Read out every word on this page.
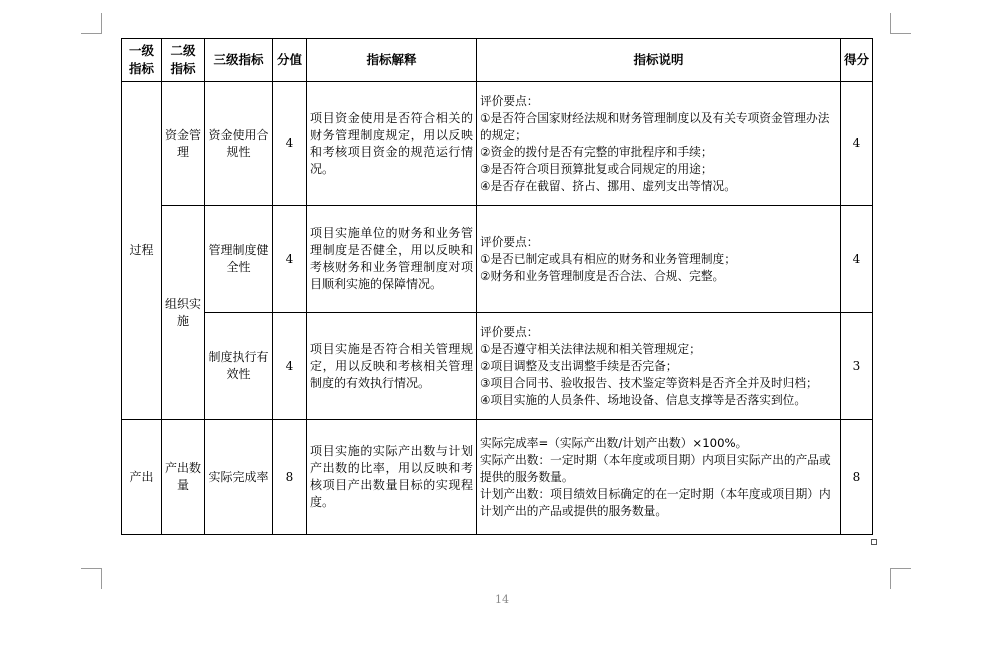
一级指标	二级指标	三级指标	分值	指标解释	指标说明	得分
过程	资金管理	资金使用合规性	4	项目资金使用是否符合相关的财务管理制度规定，用以反映和考核项目资金的规范运行情况。	评价要点：
①是否符合国家财经法规和财务管理制度以及有关专项资金管理办法的规定；
②资金的拨付是否有完整的审批程序和手续；
③是否符合项目预算批复或合同规定的用途；
④是否存在截留、挤占、挪用、虚列支出等情况。	4
	组织实施	管理制度健全性	4	项目实施单位的财务和业务管理制度是否健全，用以反映和考核财务和业务管理制度对项目顺利实施的保障情况。	评价要点：
①是否已制定或具有相应的财务和业务管理制度；
②财务和业务管理制度是否合法、合规、完整。	4
		制度执行有效性	4	项目实施是否符合相关管理规定，用以反映和考核相关管理制度的有效执行情况。	评价要点：
①是否遵守相关法律法规和相关管理规定；
②项目调整及支出调整手续是否完备；
③项目合同书、验收报告、技术鉴定等资料是否齐全并及时归档；
④项目实施的人员条件、场地设备、信息支撑等是否落实到位。	3
产出	产出数量	实际完成率	8	项目实施的实际产出数与计划产出数的比率，用以反映和考核项目产出数量目标的实现程度。	实际完成率=（实际产出数/计划产出数）×100%。
实际产出数：一定时期（本年度或项目期）内项目实际产出的产品或提供的服务数量。
计划产出数：项目绩效目标确定的在一定时期（本年度或项目期）内计划产出的产品或提供的服务数量。	8
14
